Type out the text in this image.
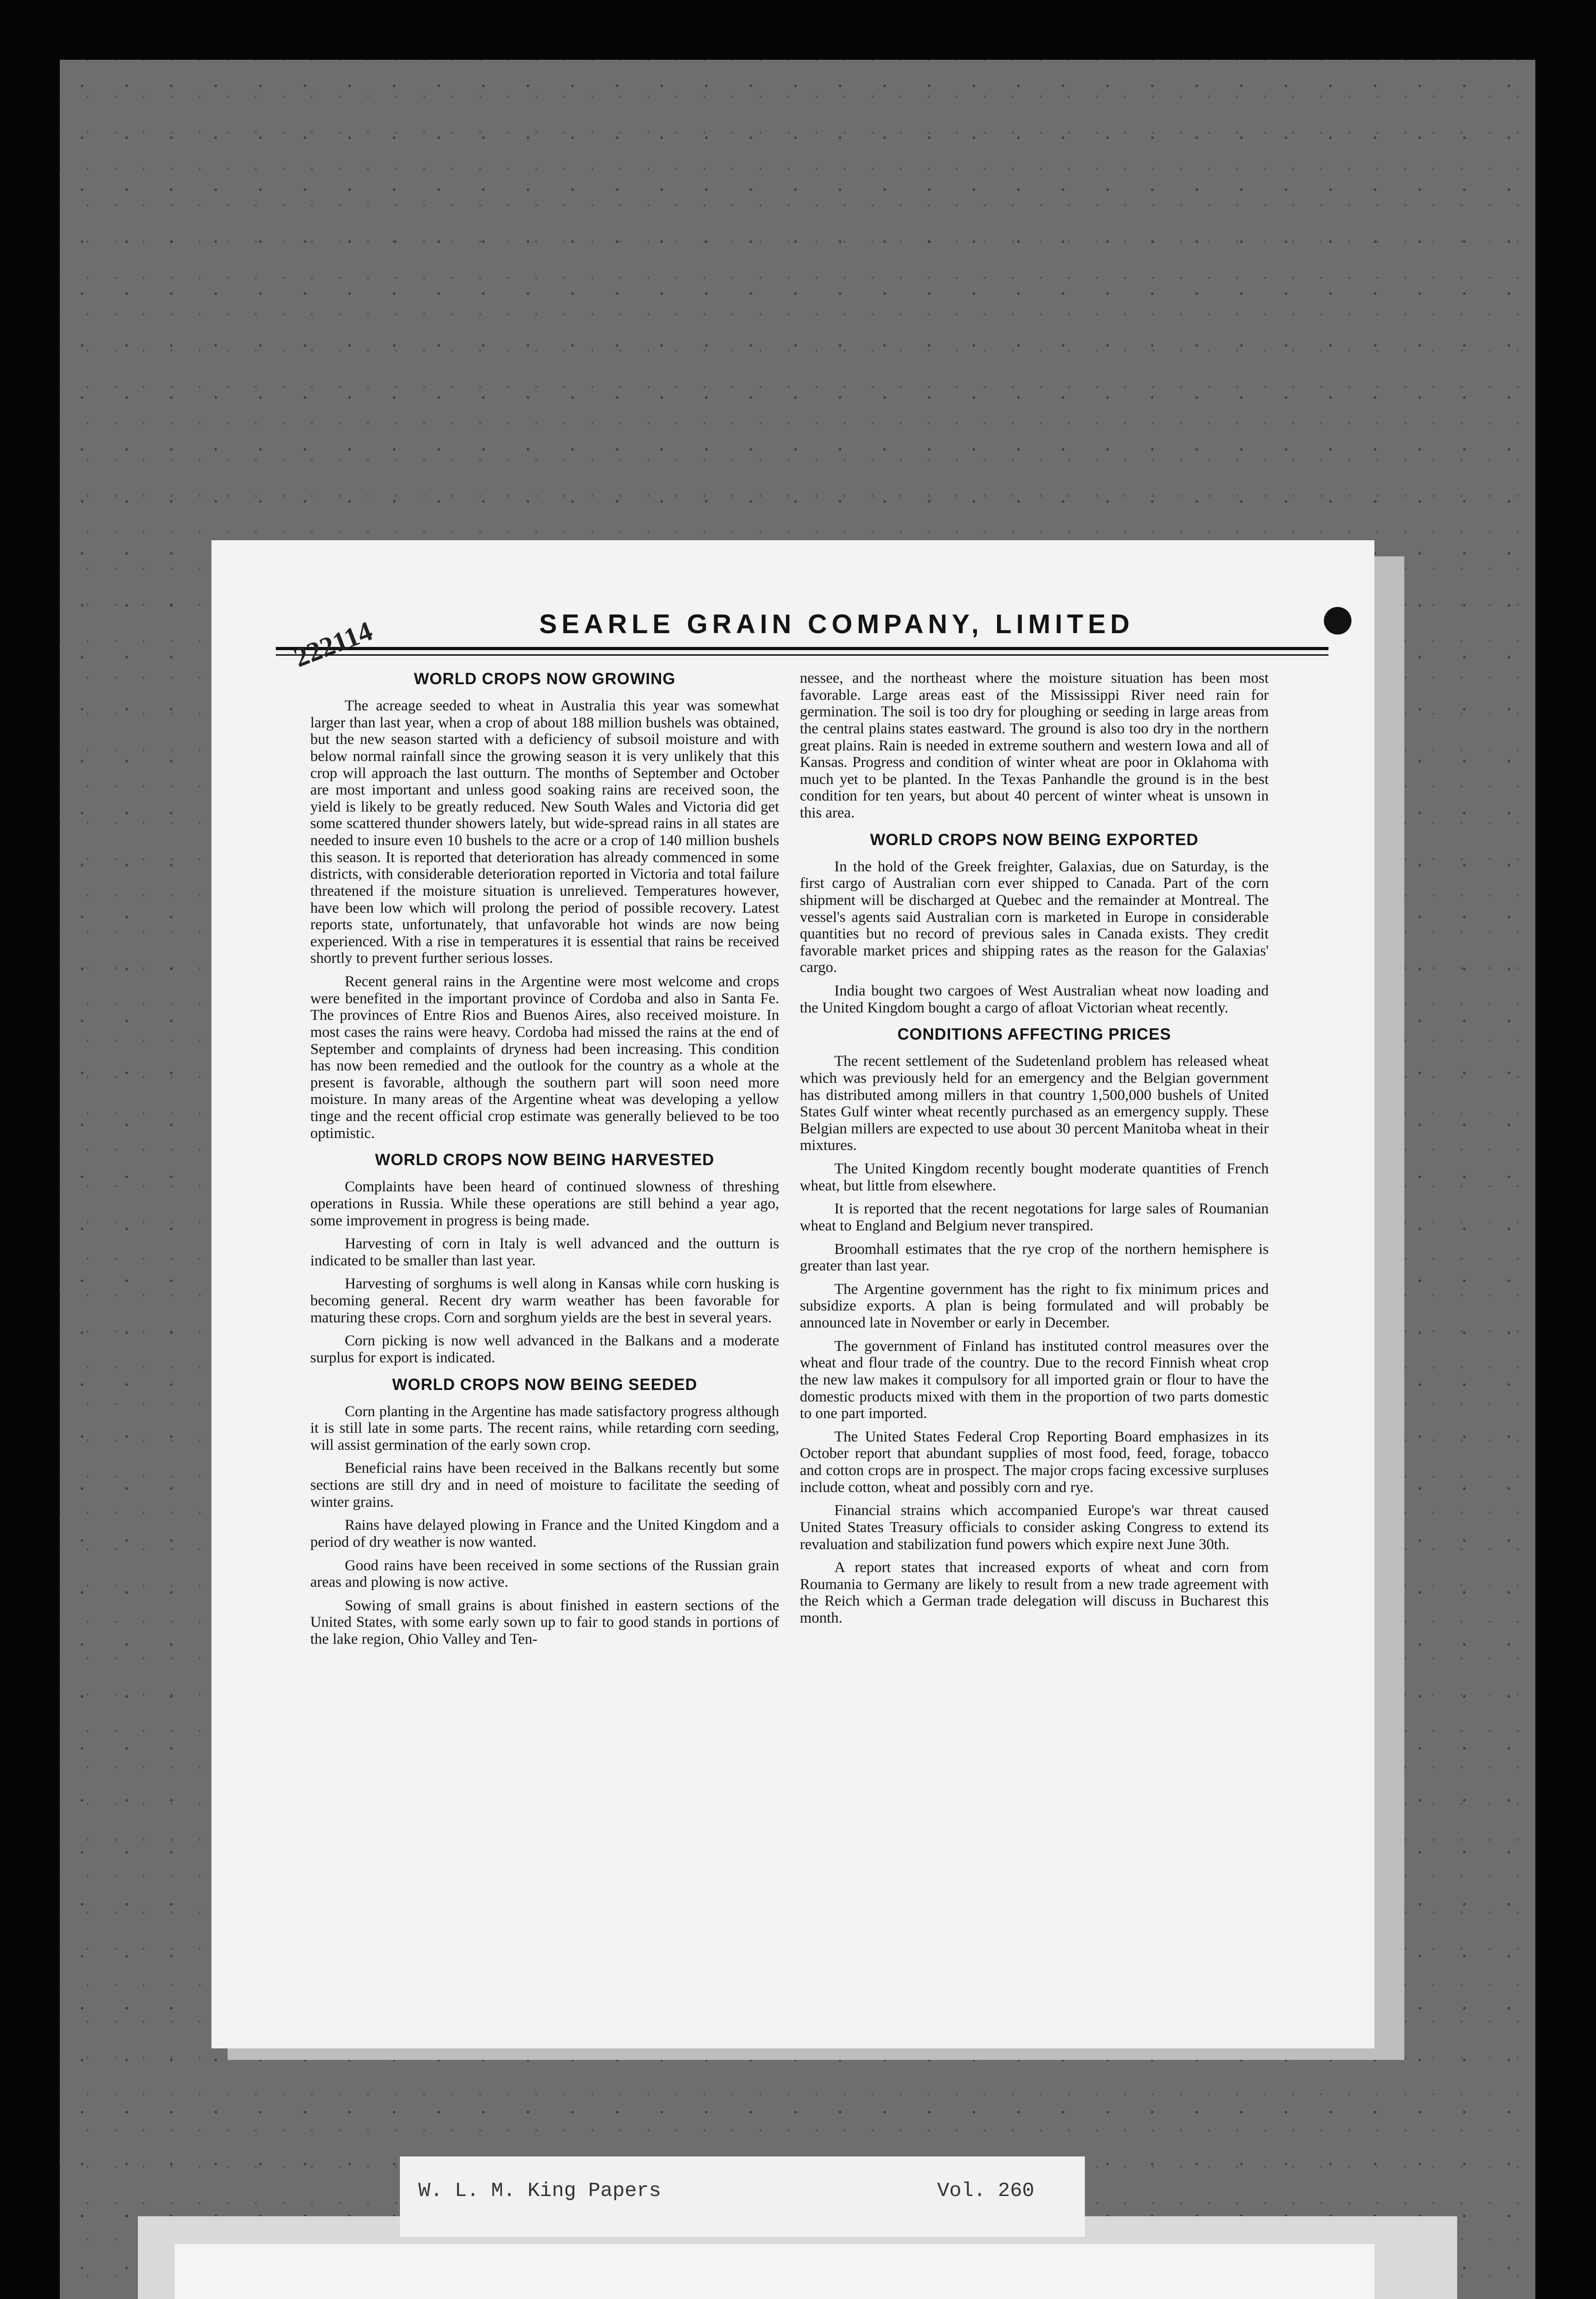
SEARLE GRAIN COMPANY, LIMITED
222114
WORLD CROPS NOW GROWING

The acreage seeded to wheat in Australia this year was somewhat larger than last year, when a crop of about 188 million bushels was obtained, but the new season started with a deficiency of subsoil moisture and with below normal rainfall since the growing season it is very unlikely that this crop will approach the last outturn. The months of September and October are most important and unless good soaking rains are received soon, the yield is likely to be greatly reduced. New South Wales and Victoria did get some scattered thunder showers lately, but wide-spread rains in all states are needed to insure even 10 bushels to the acre or a crop of 140 million bushels this season. It is reported that deterioration has already commenced in some districts, with considerable deterioration reported in Victoria and total failure threatened if the moisture situation is unrelieved. Temperatures however, have been low which will prolong the period of possible recovery. Latest reports state, unfortunately, that unfavorable hot winds are now being experienced. With a rise in temperatures it is essential that rains be received shortly to prevent further serious losses.

Recent general rains in the Argentine were most welcome and crops were benefited in the important province of Cordoba and also in Santa Fe. The provinces of Entre Rios and Buenos Aires, also received moisture. In most cases the rains were heavy. Cordoba had missed the rains at the end of September and complaints of dryness had been increasing. This condition has now been remedied and the outlook for the country as a whole at the present is favorable, although the southern part will soon need more moisture. In many areas of the Argentine wheat was developing a yellow tinge and the recent official crop estimate was generally believed to be too optimistic.

WORLD CROPS NOW BEING HARVESTED

Complaints have been heard of continued slowness of threshing operations in Russia. While these operations are still behind a year ago, some improvement in progress is being made.

Harvesting of corn in Italy is well advanced and the outturn is indicated to be smaller than last year.

Harvesting of sorghums is well along in Kansas while corn husking is becoming general. Recent dry warm weather has been favorable for maturing these crops. Corn and sorghum yields are the best in several years.

Corn picking is now well advanced in the Balkans and a moderate surplus for export is indicated.

WORLD CROPS NOW BEING SEEDED

Corn planting in the Argentine has made satisfactory progress although it is still late in some parts. The recent rains, while retarding corn seeding, will assist germination of the early sown crop.

Beneficial rains have been received in the Balkans recently but some sections are still dry and in need of moisture to facilitate the seeding of winter grains.

Rains have delayed plowing in France and the United Kingdom and a period of dry weather is now wanted.

Good rains have been received in some sections of the Russian grain areas and plowing is now active.

Sowing of small grains is about finished in eastern sections of the United States, with some early sown up to fair to good stands in portions of the lake region, Ohio Valley and Ten-

nessee, and the northeast where the moisture situation has been most favorable. Large areas east of the Mississippi River need rain for germination. The soil is too dry for ploughing or seeding in large areas from the central plains states eastward. The ground is also too dry in the northern great plains. Rain is needed in extreme southern and western Iowa and all of Kansas. Progress and condition of winter wheat are poor in Oklahoma with much yet to be planted. In the Texas Panhandle the ground is in the best condition for ten years, but about 40 percent of winter wheat is unsown in this area.

WORLD CROPS NOW BEING EXPORTED

In the hold of the Greek freighter, Galaxias, due on Saturday, is the first cargo of Australian corn ever shipped to Canada. Part of the corn shipment will be discharged at Quebec and the remainder at Montreal. The vessel's agents said Australian corn is marketed in Europe in considerable quantities but no record of previous sales in Canada exists. They credit favorable market prices and shipping rates as the reason for the Galaxias' cargo.

India bought two cargoes of West Australian wheat now loading and the United Kingdom bought a cargo of afloat Victorian wheat recently.

CONDITIONS AFFECTING PRICES

The recent settlement of the Sudetenland problem has released wheat which was previously held for an emergency and the Belgian government has distributed among millers in that country 1,500,000 bushels of United States Gulf winter wheat recently purchased as an emergency supply. These Belgian millers are expected to use about 30 percent Manitoba wheat in their mixtures.

The United Kingdom recently bought moderate quantities of French wheat, but little from elsewhere.

It is reported that the recent negotations for large sales of Roumanian wheat to England and Belgium never transpired.

Broomhall estimates that the rye crop of the northern hemisphere is greater than last year.

The Argentine government has the right to fix minimum prices and subsidize exports. A plan is being formulated and will probably be announced late in November or early in December.

The government of Finland has instituted control measures over the wheat and flour trade of the country. Due to the record Finnish wheat crop the new law makes it compulsory for all imported grain or flour to have the domestic products mixed with them in the proportion of two parts domestic to one part imported.

The United States Federal Crop Reporting Board emphasizes in its October report that abundant supplies of most food, feed, forage, tobacco and cotton crops are in prospect. The major crops facing excessive surpluses include cotton, wheat and possibly corn and rye.

Financial strains which accompanied Europe's war threat caused United States Treasury officials to consider asking Congress to extend its revaluation and stabilization fund powers which expire next June 30th.

A report states that increased exports of wheat and corn from Roumania to Germany are likely to result from a new trade agreement with the Reich which a German trade delegation will discuss in Bucharest this month.

W. L. M. King Papers	Vol. 260
